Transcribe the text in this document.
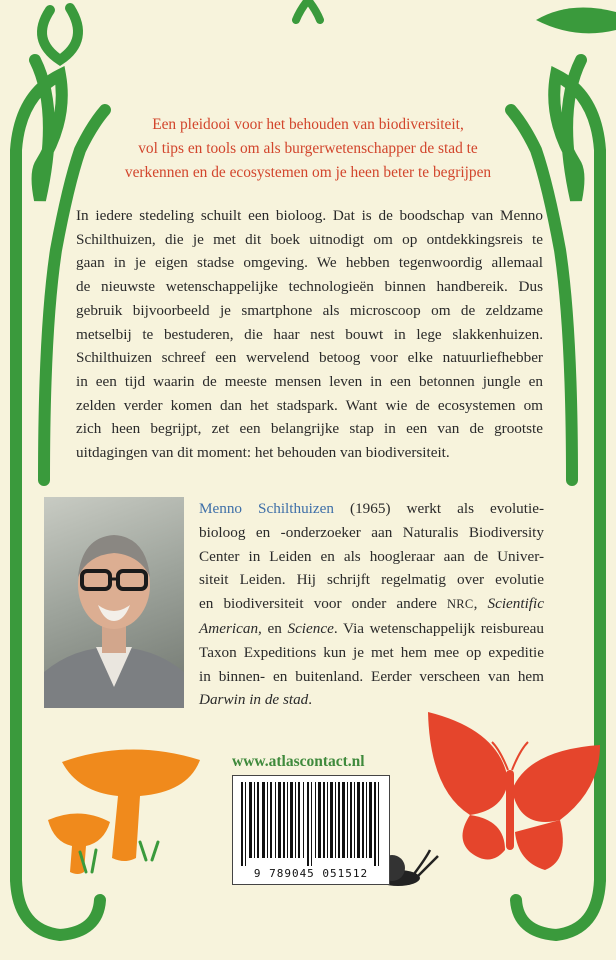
Een pleidooi voor het behouden van biodiversiteit,
vol tips en tools om als burgerwetenschapper de stad te
verkennen en de ecosystemen om je heen beter te begrijpen
In iedere stedeling schuilt een bioloog. Dat is de boodschap van Menno
Schilthuizen, die je met dit boek uitnodigt om op ontdekkingsreis te
gaan in je eigen stadse omgeving. We hebben tegenwoordig allemaal
de nieuwste wetenschappelijke technologieën binnen handbereik. Dus
gebruik bijvoorbeeld je smartphone als microscoop om de zeldzame
metselbij te bestuderen, die haar nest bouwt in lege slakkenhuizen.
Schilthuizen schreef een wervelend betoog voor elke natuurliefhebber
in een tijd waarin de meeste mensen leven in een betonnen jungle en
zelden verder komen dan het stadspark. Want wie de ecosystemen om
zich heen begrijpt, zet een belangrijke stap in een van de grootste
uitdagingen van dit moment: het behouden van biodiversiteit.
Menno Schilthuizen (1965) werkt als evolutie-
bioloog en -onderzoeker aan Naturalis Biodiversity
Center in Leiden en als hoogleraar aan de Univer-
siteit Leiden. Hij schrijft regelmatig over evolutie
en biodiversiteit voor onder andere NRC, Scientific
American, en Science. Via wetenschappelijk reisbureau
Taxon Expeditions kun je met hem mee op expeditie
in binnen- en buitenland. Eerder verscheen van hem
Darwin in de stad.
www.atlascontact.nl
9 789045 051512
